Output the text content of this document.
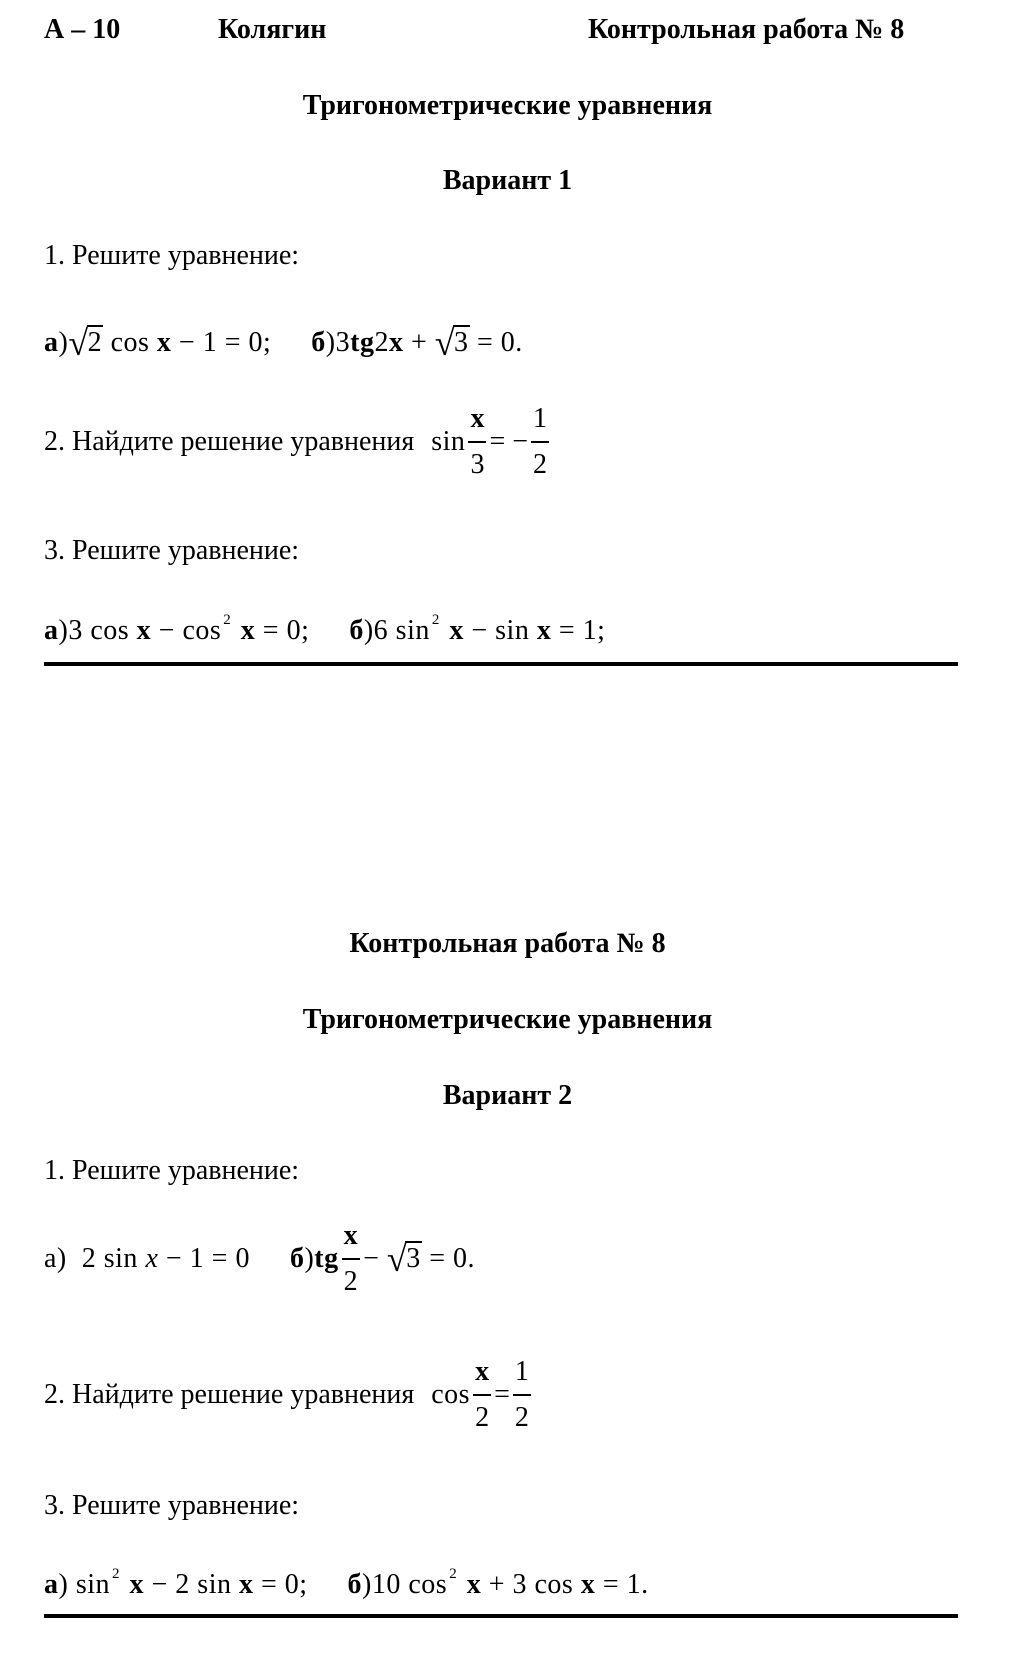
А – 10	Колягин	Контрольная работа № 8
Тригонометрические уравнения
Вариант 1
1. Решите уравнение:
а)√2 cos x − 1 = 0; б)3tg2x + √3 = 0.
2. Найдите решение уравнения $\sin \frac{x}{3}$ = − $\frac{1}{2}$
3. Решите уравнение:
а)3 cos x − cos $^2$ x = 0; б)6 sin $^2$ x − sin x = 1;
Контрольная работа № 8
Тригонометрические уравнения
Вариант 2
1. Решите уравнение:
а)  2 sin x − 1 = 0 $б)tg \frac{x}{2} - √3 = 0$.
2. Найдите решение уравнения $\cos \frac{x}{2} = \frac{1}{2}$
3. Решите уравнение:
а) sin $^2$ x − 2 sin x = 0; б)10 cos $^2$ x + 3 cos x = 1.
